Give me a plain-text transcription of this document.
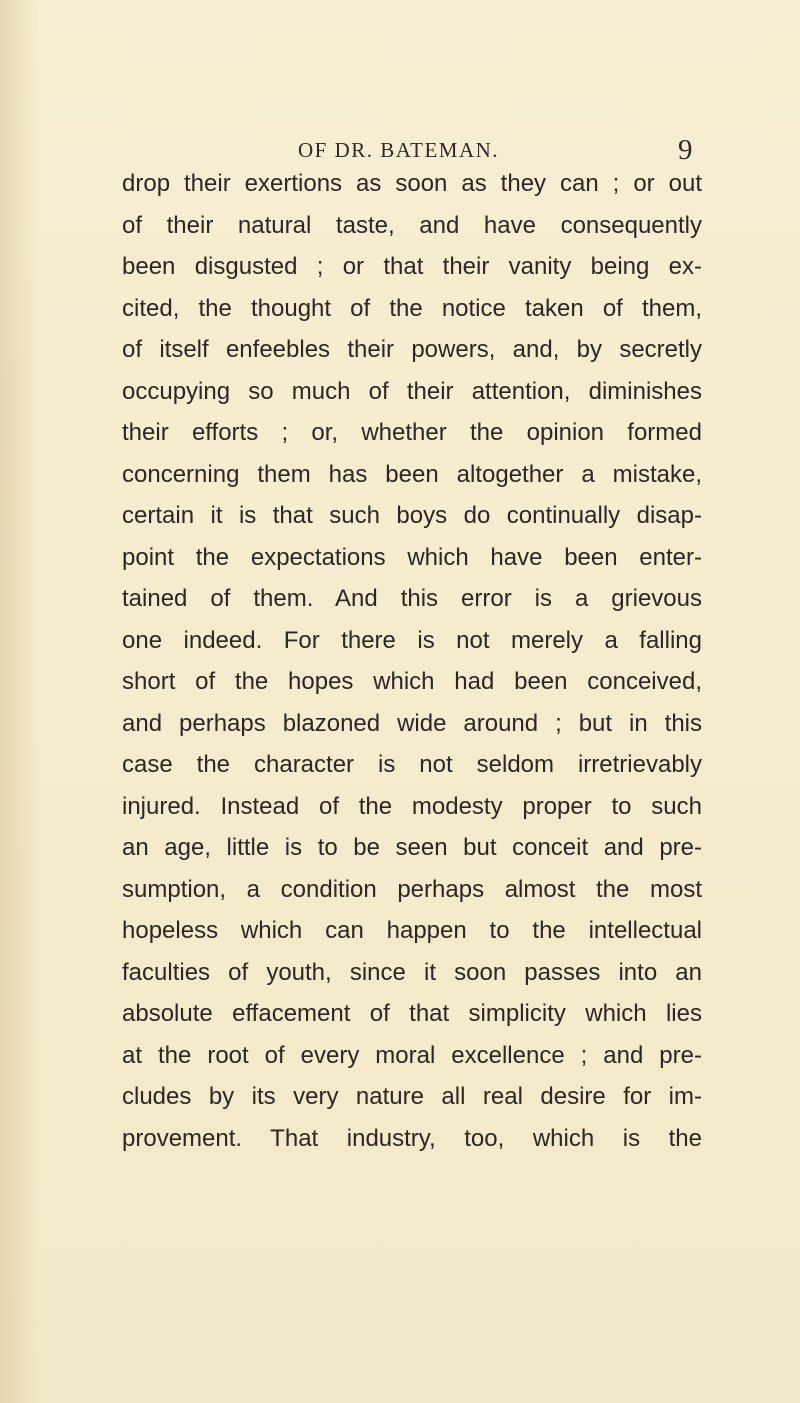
OF DR. BATEMAN.	9
drop their exertions as soon as they can ; or out
of their natural taste, and have consequently
been disgusted ; or that their vanity being ex-
cited, the thought of the notice taken of them,
of itself enfeebles their powers, and, by secretly
occupying so much of their attention, diminishes
their efforts ; or, whether the opinion formed
concerning them has been altogether a mistake,
certain it is that such boys do continually disap-
point the expectations which have been enter-
tained of them. And this error is a grievous
one indeed. For there is not merely a falling
short of the hopes which had been conceived,
and perhaps blazoned wide around ; but in this
case the character is not seldom irretrievably
injured. Instead of the modesty proper to such
an age, little is to be seen but conceit and pre-
sumption, a condition perhaps almost the most
hopeless which can happen to the intellectual
faculties of youth, since it soon passes into an
absolute effacement of that simplicity which lies
at the root of every moral excellence ; and pre-
cludes by its very nature all real desire for im-
provement. That industry, too, which is the
